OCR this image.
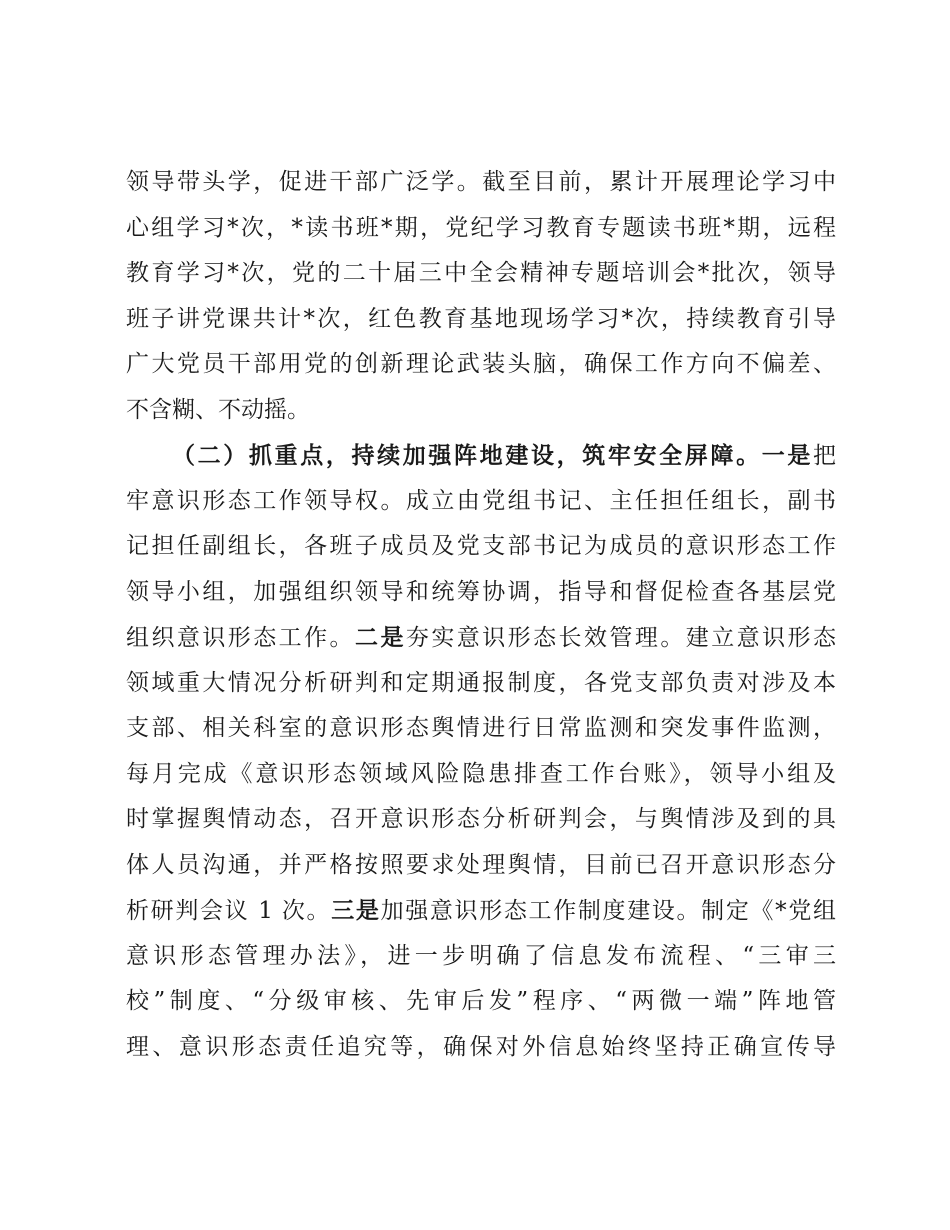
领导带头学，促进干部广泛学。截至目前，累计开展理论学习中
心组学习*次，*读书班*期，党纪学习教育专题读书班*期，远程
教育学习*次，党的二十届三中全会精神专题培训会*批次，领导
班子讲党课共计*次，红色教育基地现场学习*次，持续教育引导
广大党员干部用党的创新理论武装头脑，确保工作方向不偏差、
不含糊、不动摇。
（二）抓重点，持续加强阵地建设，筑牢安全屏障。一是把
牢意识形态工作领导权。成立由党组书记、主任担任组长，副书
记担任副组长，各班子成员及党支部书记为成员的意识形态工作
领导小组，加强组织领导和统筹协调，指导和督促检查各基层党
组织意识形态工作。二是夯实意识形态长效管理。建立意识形态
领域重大情况分析研判和定期通报制度，各党支部负责对涉及本
支部、相关科室的意识形态舆情进行日常监测和突发事件监测，
每月完成《意识形态领域风险隐患排查工作台账》，领导小组及
时掌握舆情动态，召开意识形态分析研判会，与舆情涉及到的具
体人员沟通，并严格按照要求处理舆情，目前已召开意识形态分
析研判会议 1 次。三是加强意识形态工作制度建设。制定《*党组
意识形态管理办法》，进一步明确了信息发布流程、“三审三
校”制度、“分级审核、先审后发”程序、“两微一端”阵地管
理、意识形态责任追究等，确保对外信息始终坚持正确宣传导
